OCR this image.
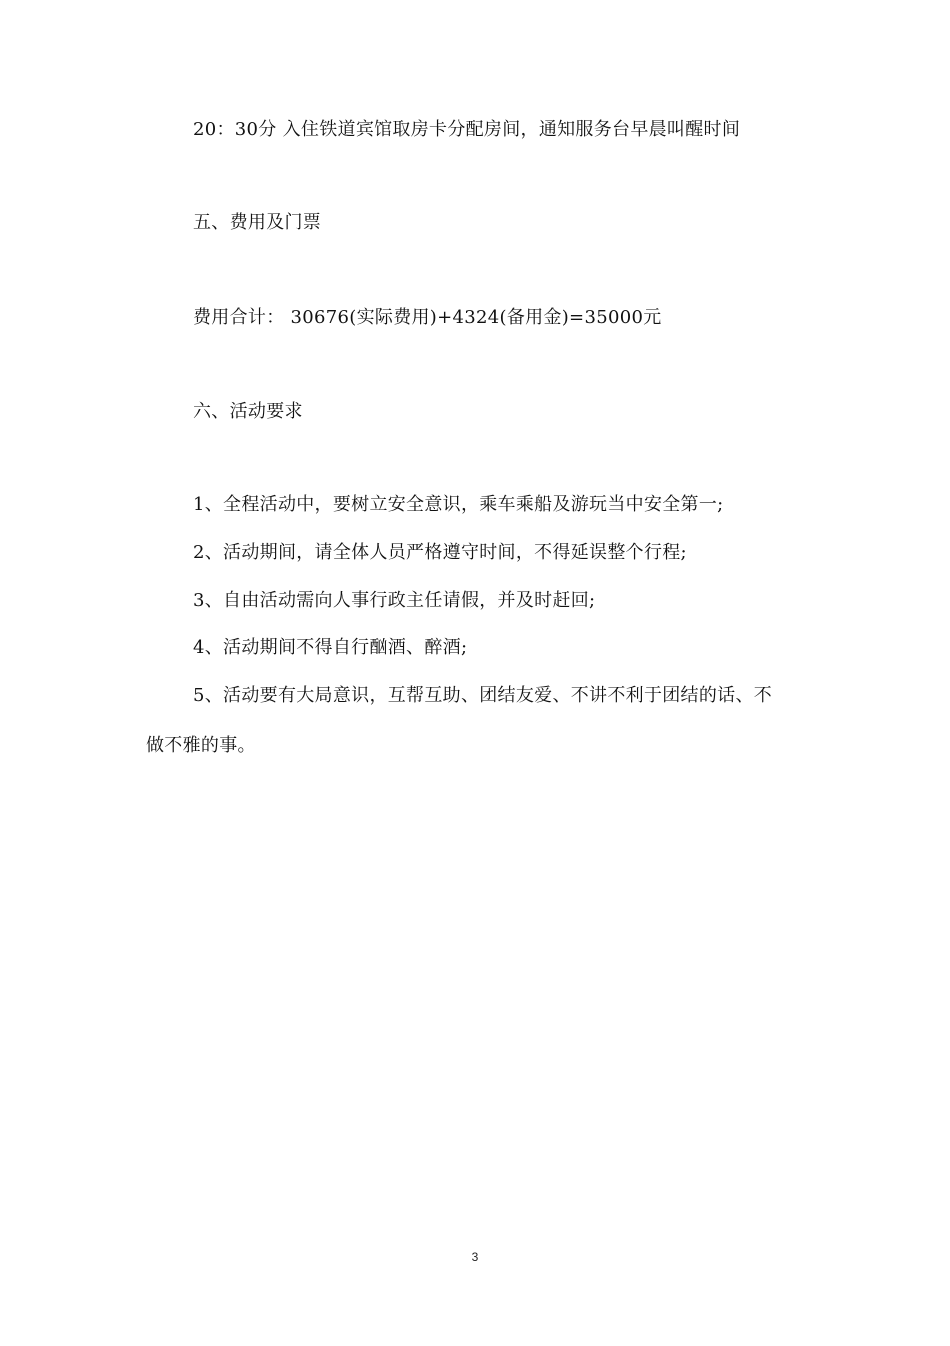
20：30分 入住铁道宾馆取房卡分配房间，通知服务台早晨叫醒时间
五、费用及门票
费用合计： 30676(实际费用)+4324(备用金)=35000元
六、活动要求
1、全程活动中，要树立安全意识，乘车乘船及游玩当中安全第一;
2、活动期间，请全体人员严格遵守时间，不得延误整个行程;
3、自由活动需向人事行政主任请假，并及时赶回;
4、活动期间不得自行酗酒、醉酒;
5、活动要有大局意识，互帮互助、团结友爱、不讲不利于团结的话、不
做不雅的事。
3
